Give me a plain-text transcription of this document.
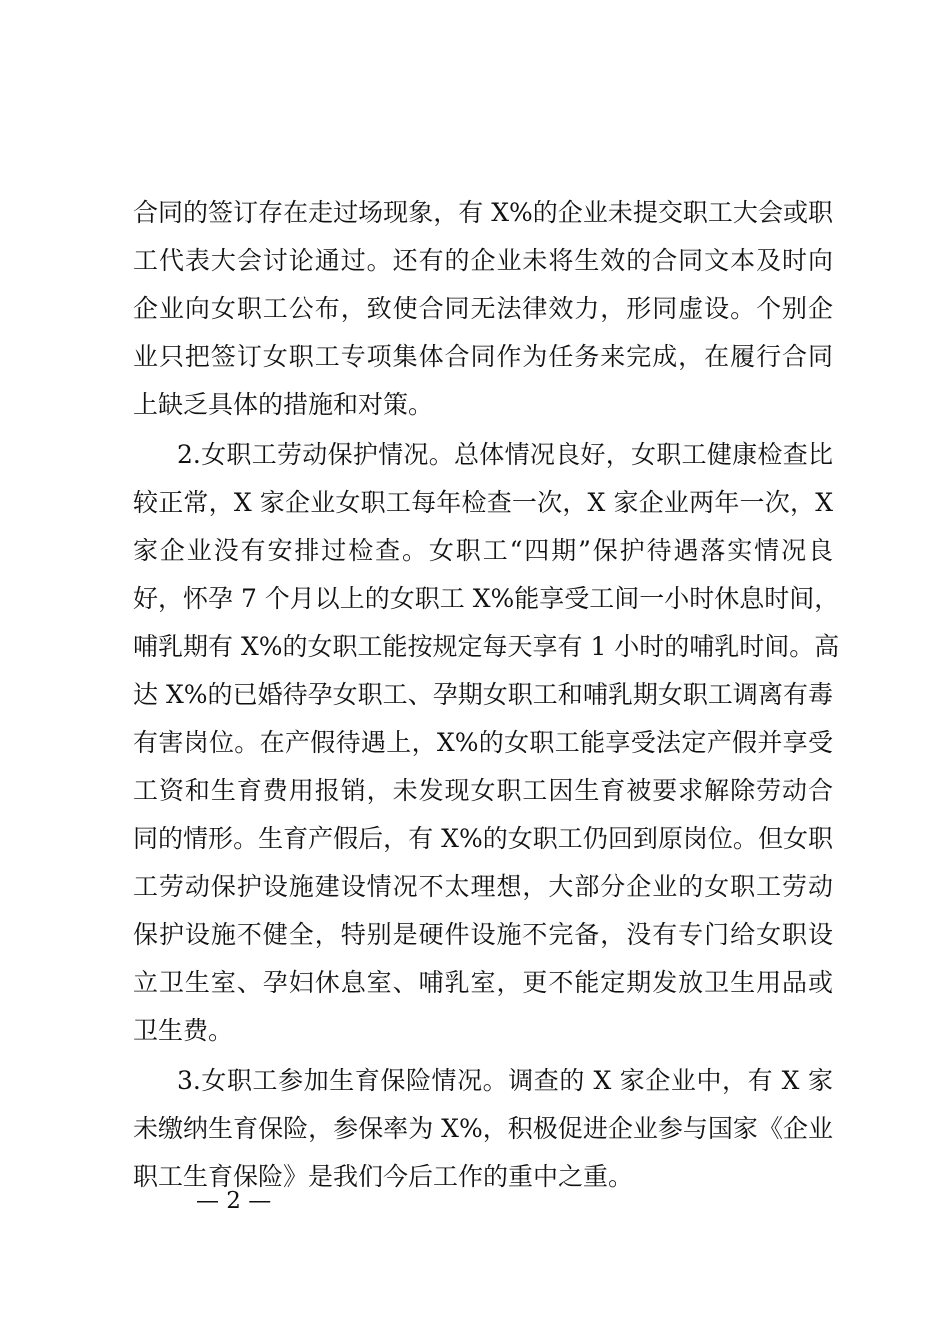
合同的签订存在走过场现象，有 X%的企业未提交职工大会或职
工代表大会讨论通过。还有的企业未将生效的合同文本及时向
企业向女职工公布，致使合同无法律效力，形同虚设。个别企
业只把签订女职工专项集体合同作为任务来完成，在履行合同
上缺乏具体的措施和对策。
2.女职工劳动保护情况。总体情况良好，女职工健康检查比
较正常，X 家企业女职工每年检查一次，X 家企业两年一次，X
家企业没有安排过检查。女职工“四期”保护待遇落实情况良
好，怀孕 7 个月以上的女职工 X%能享受工间一小时休息时间，
哺乳期有 X%的女职工能按规定每天享有 1 小时的哺乳时间。高
达 X%的已婚待孕女职工、孕期女职工和哺乳期女职工调离有毒
有害岗位。在产假待遇上，X%的女职工能享受法定产假并享受
工资和生育费用报销，未发现女职工因生育被要求解除劳动合
同的情形。生育产假后，有 X%的女职工仍回到原岗位。但女职
工劳动保护设施建设情况不太理想，大部分企业的女职工劳动
保护设施不健全，特别是硬件设施不完备，没有专门给女职设
立卫生室、孕妇休息室、哺乳室，更不能定期发放卫生用品或
卫生费。
3.女职工参加生育保险情况。调查的 X 家企业中，有 X 家
未缴纳生育保险，参保率为 X%，积极促进企业参与国家《企业
职工生育保险》是我们今后工作的重中之重。
— 2 —
